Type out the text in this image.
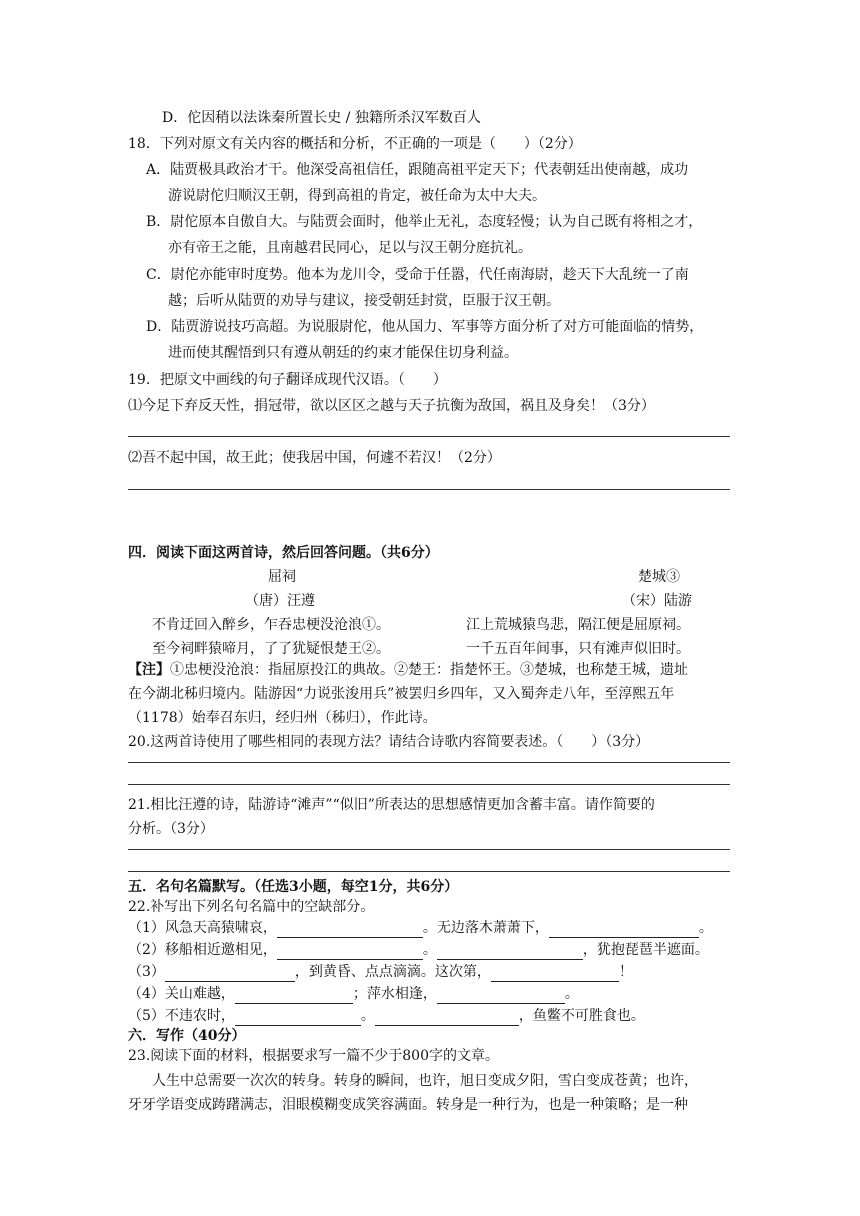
D．佗因稍以法诛秦所置长史 / 独籍所杀汉军数百人
18．下列对原文有关内容的概括和分析，不正确的一项是（　　）（2分）
A．陆贾极具政治才干。他深受高祖信任，跟随高祖平定天下；代表朝廷出使南越，成功
游说尉佗归顺汉王朝，得到高祖的肯定，被任命为太中大夫。
B．尉佗原本自傲自大。与陆贾会面时，他举止无礼，态度轻慢；认为自己既有将相之才，
亦有帝王之能，且南越君民同心，足以与汉王朝分庭抗礼。
C．尉佗亦能审时度势。他本为龙川令，受命于任嚣，代任南海尉，趁天下大乱统一了南
越；后听从陆贾的劝导与建议，接受朝廷封赏，臣服于汉王朝。
D．陆贾游说技巧高超。为说服尉佗，他从国力、军事等方面分析了对方可能面临的情势，
进而使其醒悟到只有遵从朝廷的约束才能保住切身利益。
19．把原文中画线的句子翻译成现代汉语。（　　）
⑴今足下弃反天性，捐冠带，欲以区区之越与天子抗衡为敌国，祸且及身矣！（3分）
⑵吾不起中国，故王此；使我居中国，何遽不若汉！（2分）
四．阅读下面这两首诗，然后回答问题。（共6分）
屈祠
（唐）汪遵
不肯迂回入醉乡，乍吞忠梗没沧浪①。
至今祠畔猿啼月，了了犹疑恨楚王②。
楚城③
（宋）陆游
江上荒城猿鸟悲，隔江便是屈原祠。
一千五百年间事，只有滩声似旧时。
【注】①忠梗没沧浪：指屈原投江的典故。②楚王：指楚怀王。③楚城，也称楚王城，遗址
在今湖北秭归境内。陆游因“力说张浚用兵”被罢归乡四年，又入蜀奔走八年，至淳熙五年
（1178）始奉召东归，经归州（秭归），作此诗。
20.这两首诗使用了哪些相同的表现方法？请结合诗歌内容简要表述。（　　）（3分）
21.相比汪遵的诗，陆游诗“滩声”“似旧”所表达的思想感情更加含蓄丰富。请作简要的
分析。（3分）
五．名句名篇默写。（任选3小题，每空1分，共6分）
22.补写出下列名句名篇中的空缺部分。
（1）风急天高猿啸哀，	。无边落木萧萧下，	。
（2）移船相近邀相见，	。	，犹抱琵琶半遮面。
（3）	，到黄昏、点点滴滴。这次第，	！
（4）关山难越，	；萍水相逢，	。
（5）不违农时，	。	，鱼鳖不可胜食也。
六．写作（40分）
23.阅读下面的材料，根据要求写一篇不少于800字的文章。
人生中总需要一次次的转身。转身的瞬间，也许，旭日变成夕阳，雪白变成苍黄；也许，
牙牙学语变成踌躇满志，泪眼模糊变成笑容满面。转身是一种行为，也是一种策略；是一种
